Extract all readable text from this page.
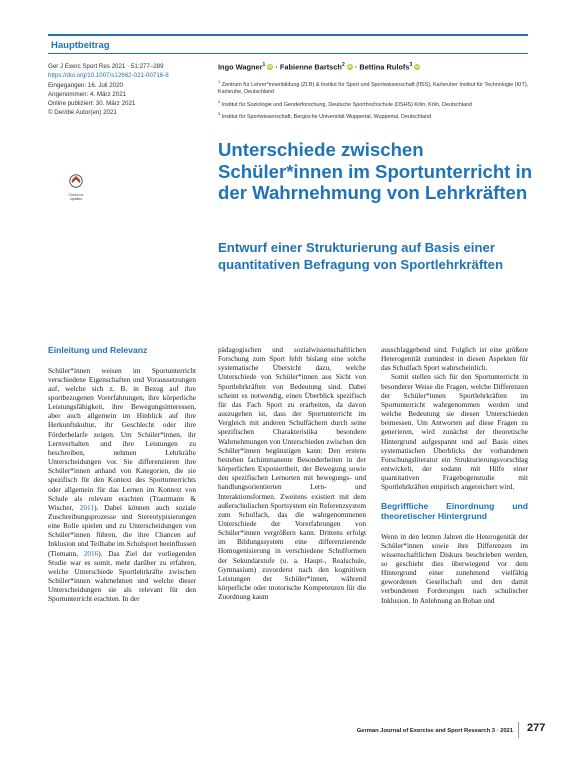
Hauptbeitrag
Ger J Exerc Sport Res 2021 · 51:277–289
https://doi.org/10.1007/s12662-021-00716-8
Eingegangen: 16. Juli 2020
Angenommen: 4. März 2021
Online publiziert: 30. März 2021
© Der/die Autor(en) 2021
Check for
updates
Ingo Wagner$^1$ iD · Fabienne Bartsch$^2$ iD · Bettina Rulofs$^3$ iD
$^1$ Zentrum für Lehrer*innenbildung (ZLB) & Institut für Sport und Sportwissenschaft (IfSS), Karlsruher Institut für Technologie (KIT), Karlsruhe, Deutschland
$^2$ Institut für Soziologie und Genderforschung, Deutsche Sporthochschule (DSHS) Köln, Köln, Deutschland
$^3$ Institut für Sportwissenschaft, Bergische Universität Wuppertal, Wuppertal, Deutschland
Unterschiede zwischen Schüler*innen im Sportunterricht in der Wahrnehmung von Lehrkräften
Entwurf einer Strukturierung auf Basis einer quantitativen Befragung von Sportlehrkräften
Einleitung und Relevanz

Schüler*innen weisen im Sportunterricht verschiedene Eigenschaften und Voraussetzungen auf, welche sich z. B. in Bezug auf ihre sportbezogenen Vorerfahrungen, ihre körperliche Leistungsfähigkeit, ihre Bewegungsinteressen, aber auch allgemein im Hinblick auf ihre Herkunftskultur, ihr Geschlecht oder ihre Förderbelarfe zeigen. Um Schüler*innen, ihr Lernverhalten und ihre Leistungen zu beschreiben, nehmen Lehrkräfte Unterscheidungen vor. Sie differenzieren ihre Schüler*innen anhand von Kategorien, die sie spezifisch für den Kontext des Sportunterrichts oder allgemein für das Lernen im Kontext von Schule als relevant erachten (Trautmann & Wischer, 2011). Dabei können auch soziale Zuschreibungsprozesse und Stereotypisierungen eine Rolle spielen und zu Unterscheidungen von Schüler*innen führen, die ihre Chancen auf Inklusion und Teilhabe im Schulsport beeinflussen (Tiemann, 2016). Das Ziel der vorliegenden Studie war es somit, mehr darüber zu erfahren, welche Unterschiede Sportlehrkräfte zwischen Schüler*innen wahrnehmen und welche dieser Unterscheidungen sie als relevant für den Sportunterricht erachten. In der

pädagogischen und sozialwissenschaftlichen Forschung zum Sport fehlt bislang eine solche systematische Übersicht dazu, welche Unterschiede von Schüler*innen aus Sicht von Sportlehrkräften von Bedeutung sind. Dabei scheint es notwendig, einen Überblick spezifisch für das Fach Sport zu erarbeiten, da davon auszugehen ist, dass der Sportunterricht im Vergleich mit anderen Schulfächern durch seine spezifischen Charakteristika besondere Wahrnehmungen von Unterschieden zwischen den Schüler*innen begünstigen kann: Den erstens bestehen fachimmanente Besonderheiten in der körperlichen Exponiertheit, der Bewegung sowie den spezifischen Lernorten mit bewegungs- und handlungsorientierten Lern- und Interaktionsformen. Zweitens existiert mit dem außerschulischen Sportsystem ein Referenzsystem zum Schulfach, das die wahrgenommenen Unterschiede der Vorerfahrungen von Schüler*innen vergrößern kann. Drittens erfolgt im Bildungssystem eine differenzierende Homogenisierung in verschiedene Schulformen der Sekundarstufe (u. a. Haupt-, Realschule, Gymnasium) zuvorderst nach den kognitiven Leistungen der Schüler*innen, während körperliche oder motorische Kompetenzen für die Zuordnung kaum

ausschlaggebend sind. Folglich ist eine größere Heterogenität zumindest in diesen Aspekten für das Schulfach Sport wahrscheinlich.

Somit stellen sich für den Sportunterricht in besonderer Weise die Fragen, welche Differenzen der Schüler*innen Sportlehrkräften im Sportunterricht wahrgenommen werden und welche Bedeutung sie diesen Unterschieden beimessen. Um Antworten auf diese Fragen zu generieren, wird zunächst der theoretische Hintergrund aufgespannt und auf Basis eines systematischen Überblicks der vorhandenen Forschungsliteratur ein Strukturierungsvorschlag entwickelt, der sodann mit Hilfe einer quantitativen Fragebogenstudie mit Sportlehrkräften empirisch angereichert wird.

Begriffliche Einordnung und theoretischer Hintergrund

Wenn in den letzten Jahren die Heterogenität der Schüler*innen sowie ihre Differenzen im wissenschaftlichen Diskurs beschrieben werden, so geschieht dies überwiegend vor dem Hintergrund einer zunehmend vielfältig gewordenen Gesellschaft und den damit verbundenen Forderungen nach schulischer Inklusion. In Anlehnung an Boban und

German Journal of Exercise and Sport Research 3 · 2021 277
